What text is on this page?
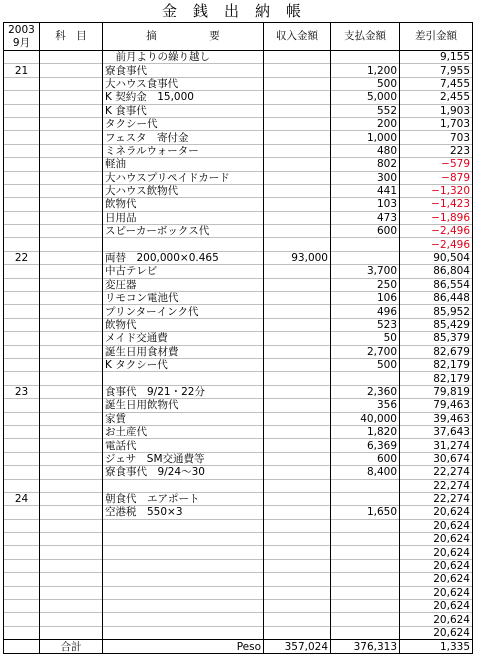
金銭出納帳
2003
9月	科　目	摘　　　　　要	収入金額	支払金額	差引金額
		　前月よりの繰り越し			9,155
21		寮食事代		1,200	7,955
		大ハウス食事代		500	7,455
		K 契約金　15,000		5,000	2,455
		K 食事代		552	1,903
		タクシー代		200	1,703
		フェスタ　寄付金		1,000	703
		ミネラルウォーター		480	223
		軽油		802	−579
		大ハウスプリペイドカード		300	−879
		大ハウス飲物代		441	−1,320
		飲物代		103	−1,423
		日用品		473	−1,896
		スピーカーボックス代		600	−2,496
					−2,496
22		両替　200,000×0.465	93,000		90,504
		中古テレビ		3,700	86,804
		変圧器		250	86,554
		リモコン電池代		106	86,448
		プリンターインク代		496	85,952
		飲物代		523	85,429
		メイド交通費		50	85,379
		誕生日用食材費		2,700	82,679
		K タクシー代		500	82,179
					82,179
23		食事代　9/21・22分		2,360	79,819
		誕生日用飲物代		356	79,463
		家賃		40,000	39,463
		お土産代		1,820	37,643
		電話代		6,369	31,274
		ジェサ　SM交通費等		600	30,674
		寮食事代　9/24～30		8,400	22,274
					22,274
24		朝食代　エアポート			22,274
		空港税　550×3		1,650	20,624
					20,624
					20,624
					20,624
					20,624
					20,624
					20,624
					20,624
					20,624
					20,624
	合計	Peso	357,024	376,313	1,335
